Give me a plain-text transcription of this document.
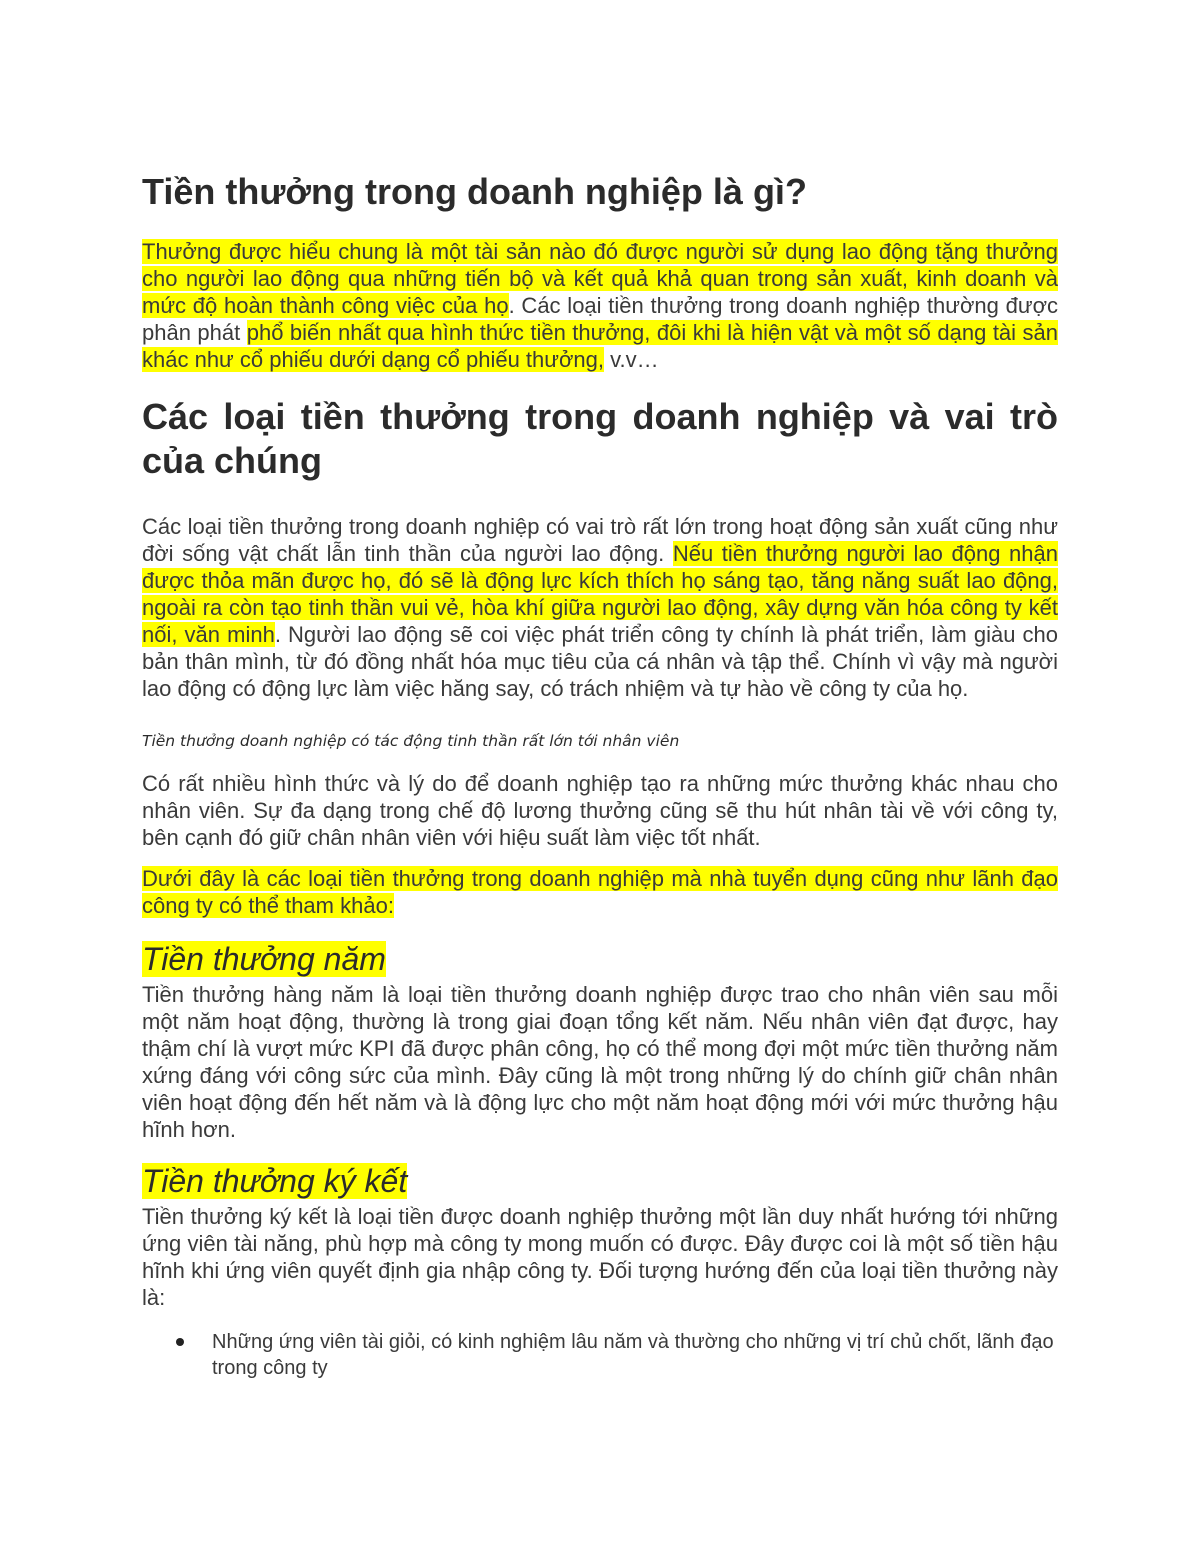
Tiền thưởng trong doanh nghiệp là gì?

Thưởng được hiểu chung là một tài sản nào đó được người sử dụng lao động tặng thưởng cho người lao động qua những tiến bộ và kết quả khả quan trong sản xuất, kinh doanh và mức độ hoàn thành công việc của họ. Các loại tiền thưởng trong doanh nghiệp thường được phân phát phổ biến nhất qua hình thức tiền thưởng, đôi khi là hiện vật và một số dạng tài sản khác như cổ phiếu dưới dạng cổ phiếu thưởng, v.v…

Các loại tiền thưởng trong doanh nghiệp và vai trò của chúng

Các loại tiền thưởng trong doanh nghiệp có vai trò rất lớn trong hoạt động sản xuất cũng như đời sống vật chất lẫn tinh thần của người lao động. Nếu tiền thưởng người lao động nhận được thỏa mãn được họ, đó sẽ là động lực kích thích họ sáng tạo, tăng năng suất lao động, ngoài ra còn tạo tinh thần vui vẻ, hòa khí giữa người lao động, xây dựng văn hóa công ty kết nối, văn minh. Người lao động sẽ coi việc phát triển công ty chính là phát triển, làm giàu cho bản thân mình, từ đó đồng nhất hóa mục tiêu của cá nhân và tập thể. Chính vì vậy mà người lao động có động lực làm việc hăng say, có trách nhiệm và tự hào về công ty của họ.

Tiền thưởng doanh nghiệp có tác động tinh thần rất lớn tới nhân viên

Có rất nhiều hình thức và lý do để doanh nghiệp tạo ra những mức thưởng khác nhau cho nhân viên. Sự đa dạng trong chế độ lương thưởng cũng sẽ thu hút nhân tài về với công ty, bên cạnh đó giữ chân nhân viên với hiệu suất làm việc tốt nhất.

Dưới đây là các loại tiền thưởng trong doanh nghiệp mà nhà tuyển dụng cũng như lãnh đạo công ty có thể tham khảo:

Tiền thưởng năm

Tiền thưởng hàng năm là loại tiền thưởng doanh nghiệp được trao cho nhân viên sau mỗi một năm hoạt động, thường là trong giai đoạn tổng kết năm. Nếu nhân viên đạt được, hay thậm chí là vượt mức KPI đã được phân công, họ có thể mong đợi một mức tiền thưởng năm xứng đáng với công sức của mình. Đây cũng là một trong những lý do chính giữ chân nhân viên hoạt động đến hết năm và là động lực cho một năm hoạt động mới với mức thưởng hậu hĩnh hơn.

Tiền thưởng ký kết

Tiền thưởng ký kết là loại tiền được doanh nghiệp thưởng một lần duy nhất hướng tới những ứng viên tài năng, phù hợp mà công ty mong muốn có được. Đây được coi là một số tiền hậu hĩnh khi ứng viên quyết định gia nhập công ty. Đối tượng hướng đến của loại tiền thưởng này là:

Những ứng viên tài giỏi, có kinh nghiệm lâu năm và thường cho những vị trí chủ chốt, lãnh đạo trong công ty
